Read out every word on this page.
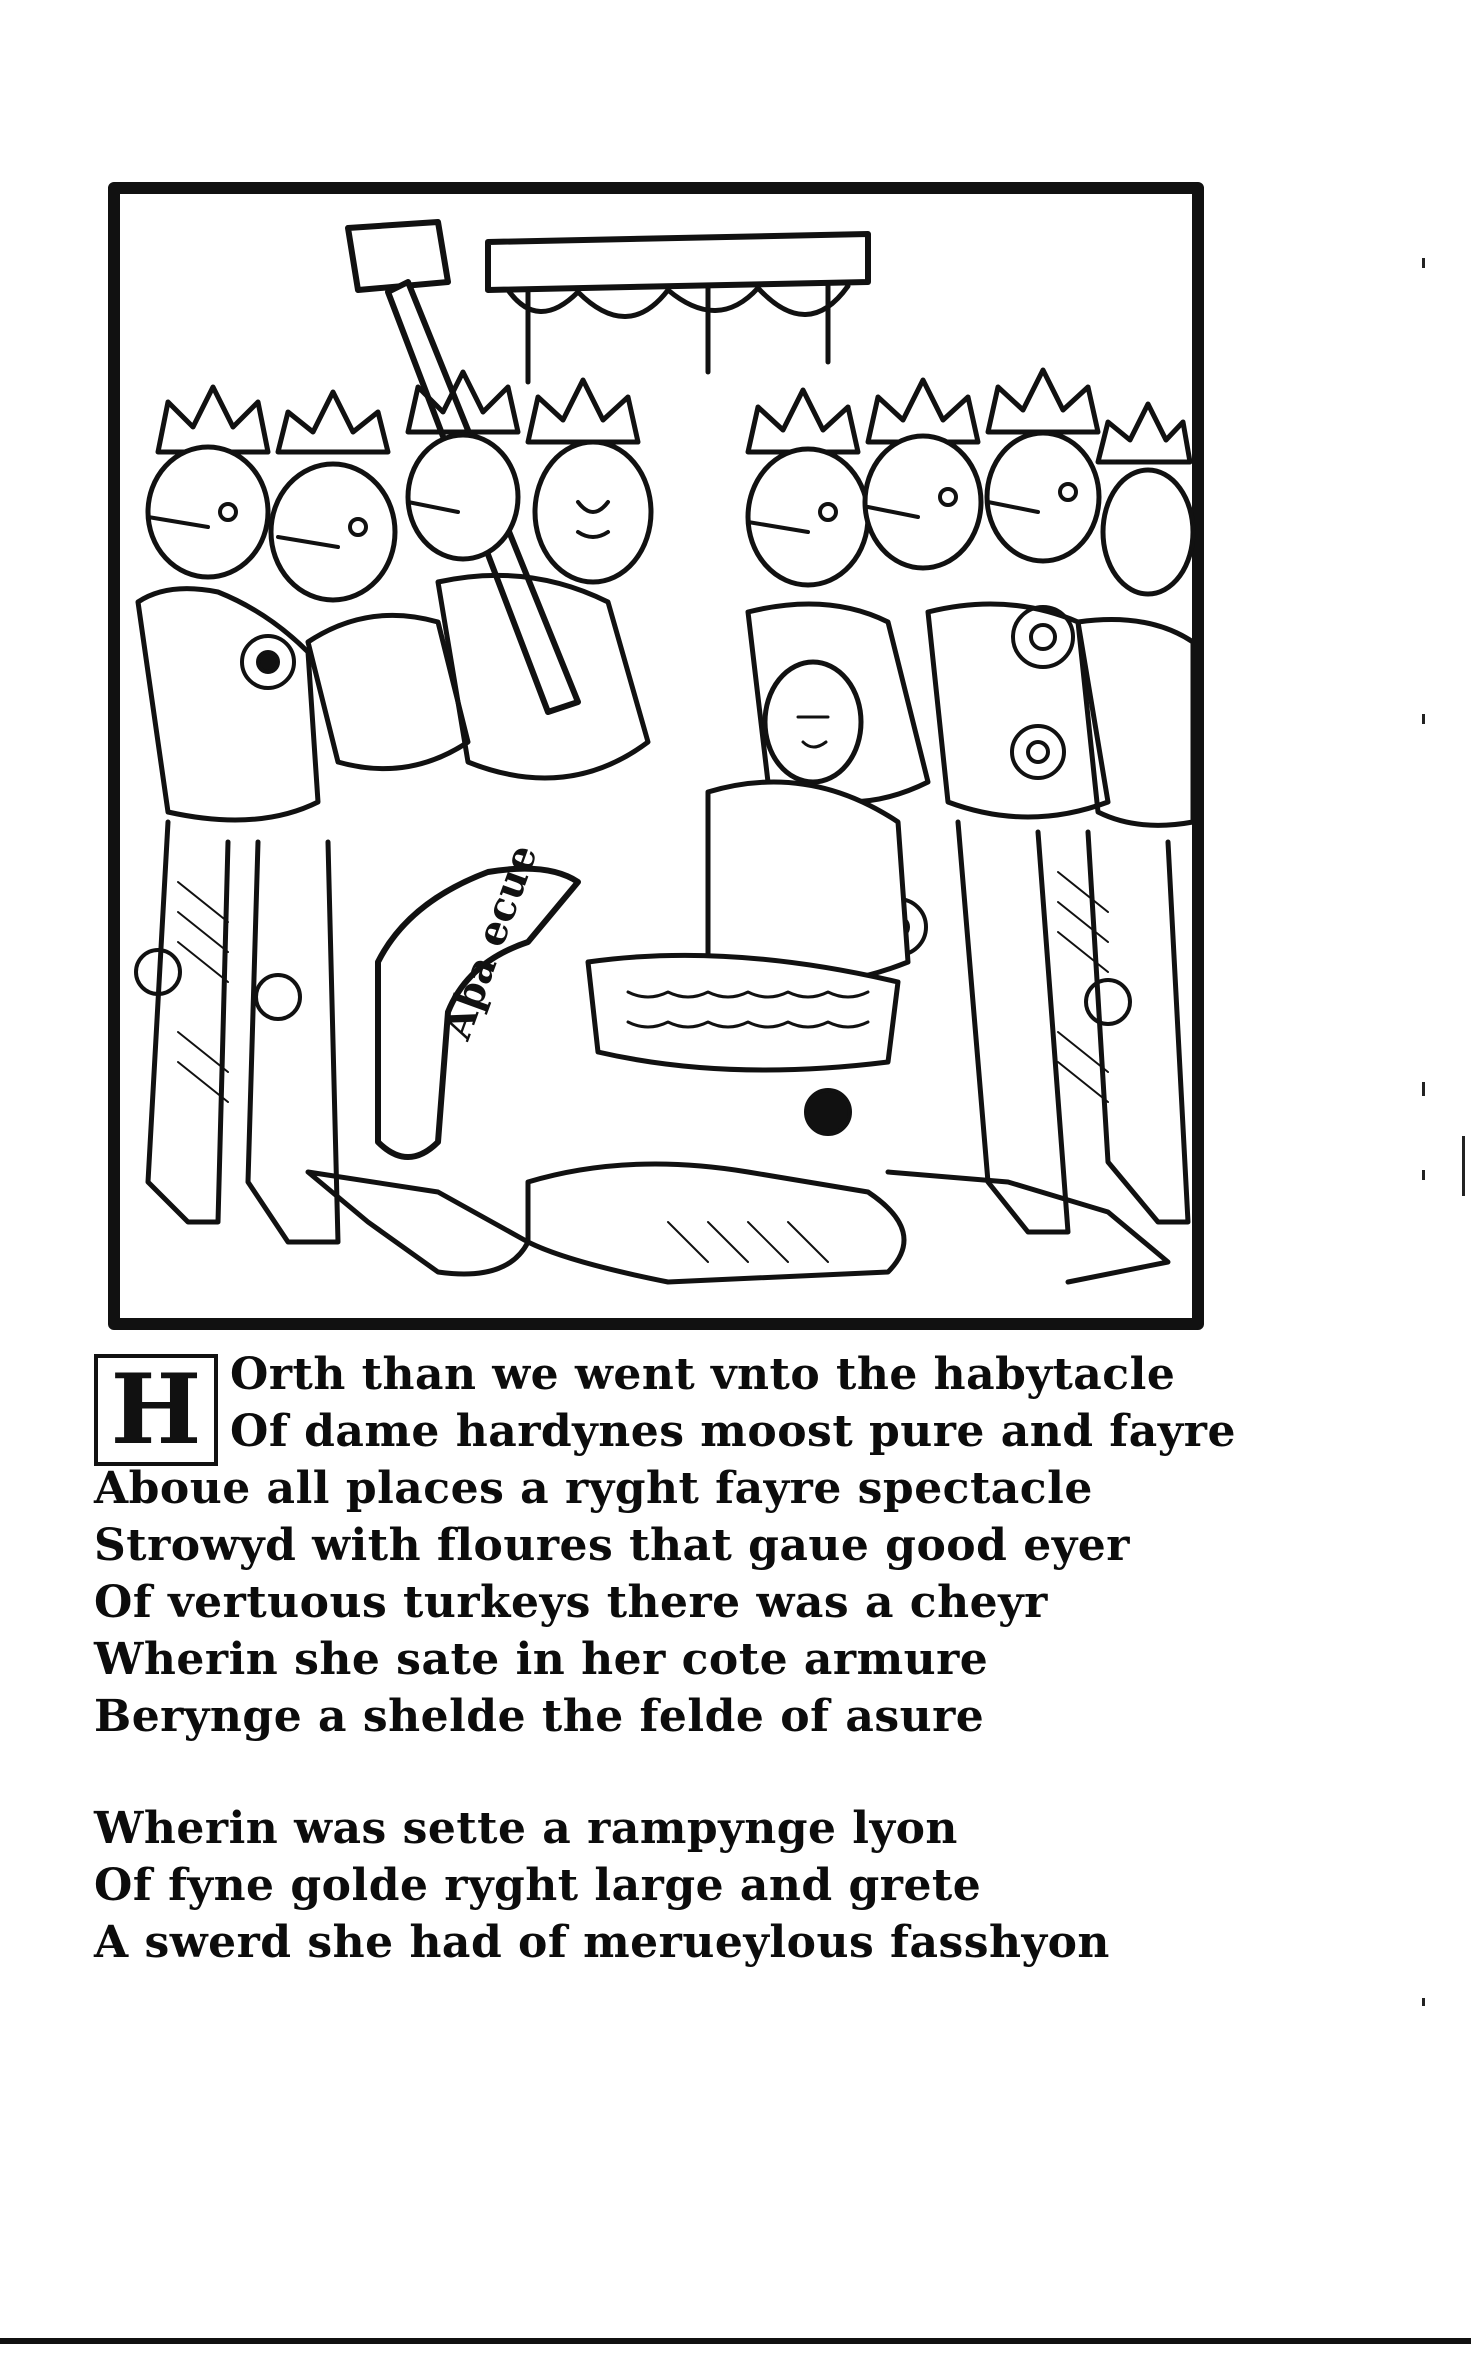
Aþa ecue
H Orth than we went vnto the habytacle
Of dame hardynes moost pure and fayre
Aboue all places a ryght fayre spectacle
Strowyd with floures that gaue good eyer
Of vertuous turkeys there was a cheyr
Wherin she sate in her cote armure
Berynge a shelde the felde of asure
Wherin was sette a rampynge lyon
Of fyne golde ryght large and grete
A swerd she had of merueylous fasshyon
